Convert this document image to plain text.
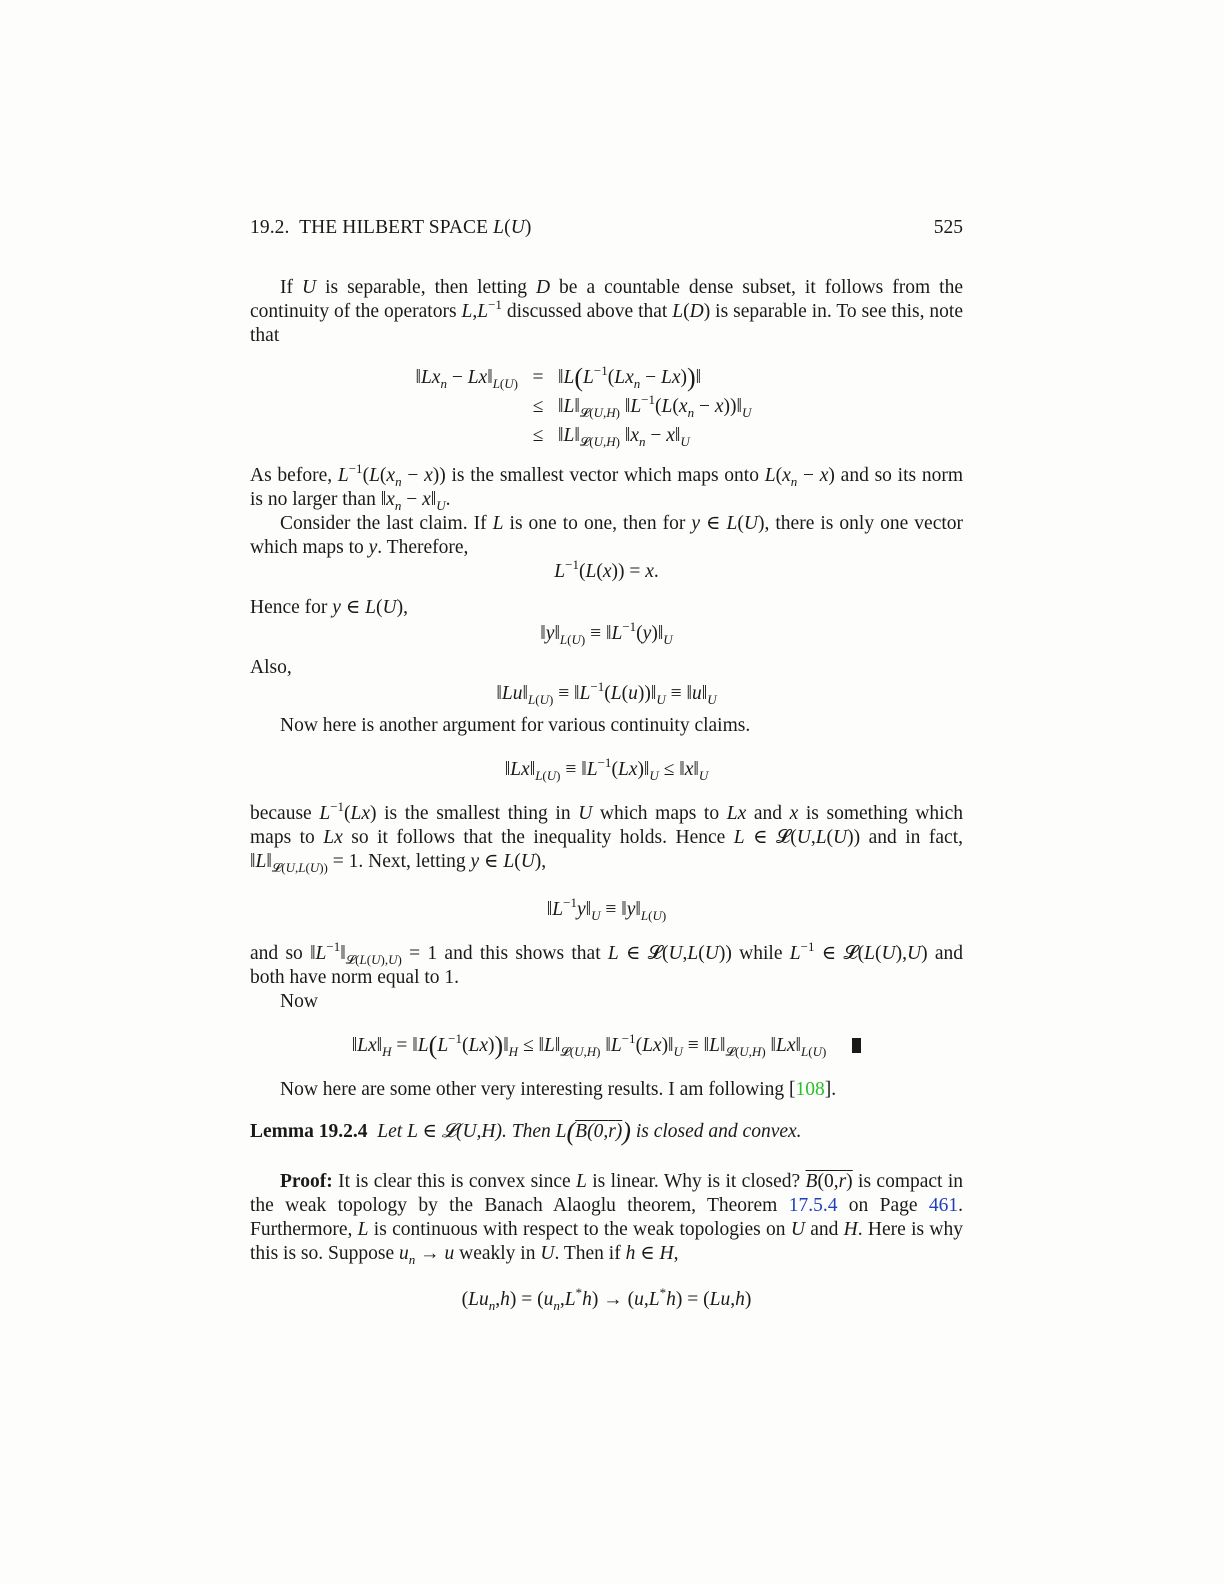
19.2.  THE HILBERT SPACE L(U)	525

If U is separable, then letting D be a countable dense subset, it follows from the continuity of the operators $L,L^{-1}$ discussed above that L(D) is separable in. To see this, note that

$‖Lx_n$ − $Lx‖_{L(U)}$ = $‖L(L^{-1}(Lx_n$ − Lx))‖
≤ $‖L‖_{𝓛(U,H)}$ $‖L^{-1}(L(x_n$ − $x))‖_U$
≤ $‖L‖_{𝓛(U,H)}$ $‖x_n$ − $x‖_U$

As before, $L^{-1}(L(x_n - x))$ is the smallest vector which maps onto $L(x_n - x)$ and so its norm is no larger than $‖x_n$ − $x‖_U$.

Consider the last claim. If L is one to one, then for y ∈ L(U), there is only one vector which maps to y. Therefore,

$L^{-1}(L(x)) = x$.

Hence for y ∈ L(U),

$‖y‖_{L(U)}$ ≡ $‖L^{-1}(y)‖_U$

Also,

$‖Lu‖_{L(U)}$ ≡ $‖L^{-1}(L(u))‖_U$ ≡ $‖u‖_U$

Now here is another argument for various continuity claims.

$‖Lx‖_{L(U)}$ ≡ $‖L^{-1}(Lx)‖_U$ ≤ $‖x‖_U$

because $L^{-1}(Lx)$ is the smallest thing in U which maps to Lx and x is something which maps to Lx so it follows that the inequality holds. Hence L ∈ 𝓛(U,L(U)) and in fact, $‖L‖_{𝓛(U,L(U))} = 1$. Next, letting y ∈ L(U),

$‖L^{-1}y‖_U$ ≡ $‖y‖_{L(U)}$

and so $‖L^{-1}‖_{𝓛(L(U),U)} = 1$ and this shows that L ∈ 𝓛(U,L(U)) while $L^{-1}$ ∈ 𝓛(L(U),U) and both have norm equal to 1.

Now

$‖Lx‖_H$ = $‖L(L^{-1}(Lx))‖_H$ ≤ $‖L‖_{𝓛(U,H)}$ $‖L^{-1}(Lx)‖_U$ ≡ $‖L‖_{𝓛(U,H)}$ $‖Lx‖_{L(U)}$

Now here are some other very interesting results. I am following [108].

Lemma 19.2.4 Let L ∈ 𝓛(U,H). Then L(B(0,r)) is closed and convex.

Proof: It is clear this is convex since L is linear. Why is it closed? B(0,r) is compact in the weak topology by the Banach Alaoglu theorem, Theorem 17.5.4 on Page 461. Furthermore, L is continuous with respect to the weak topologies on U and H. Here is why this is so. Suppose $u_n \to u$ weakly in U. Then if h ∈ H,

$(Lu_n,h) = (u_n,L^*h) \to (u,L^*h) = (Lu,h)$
